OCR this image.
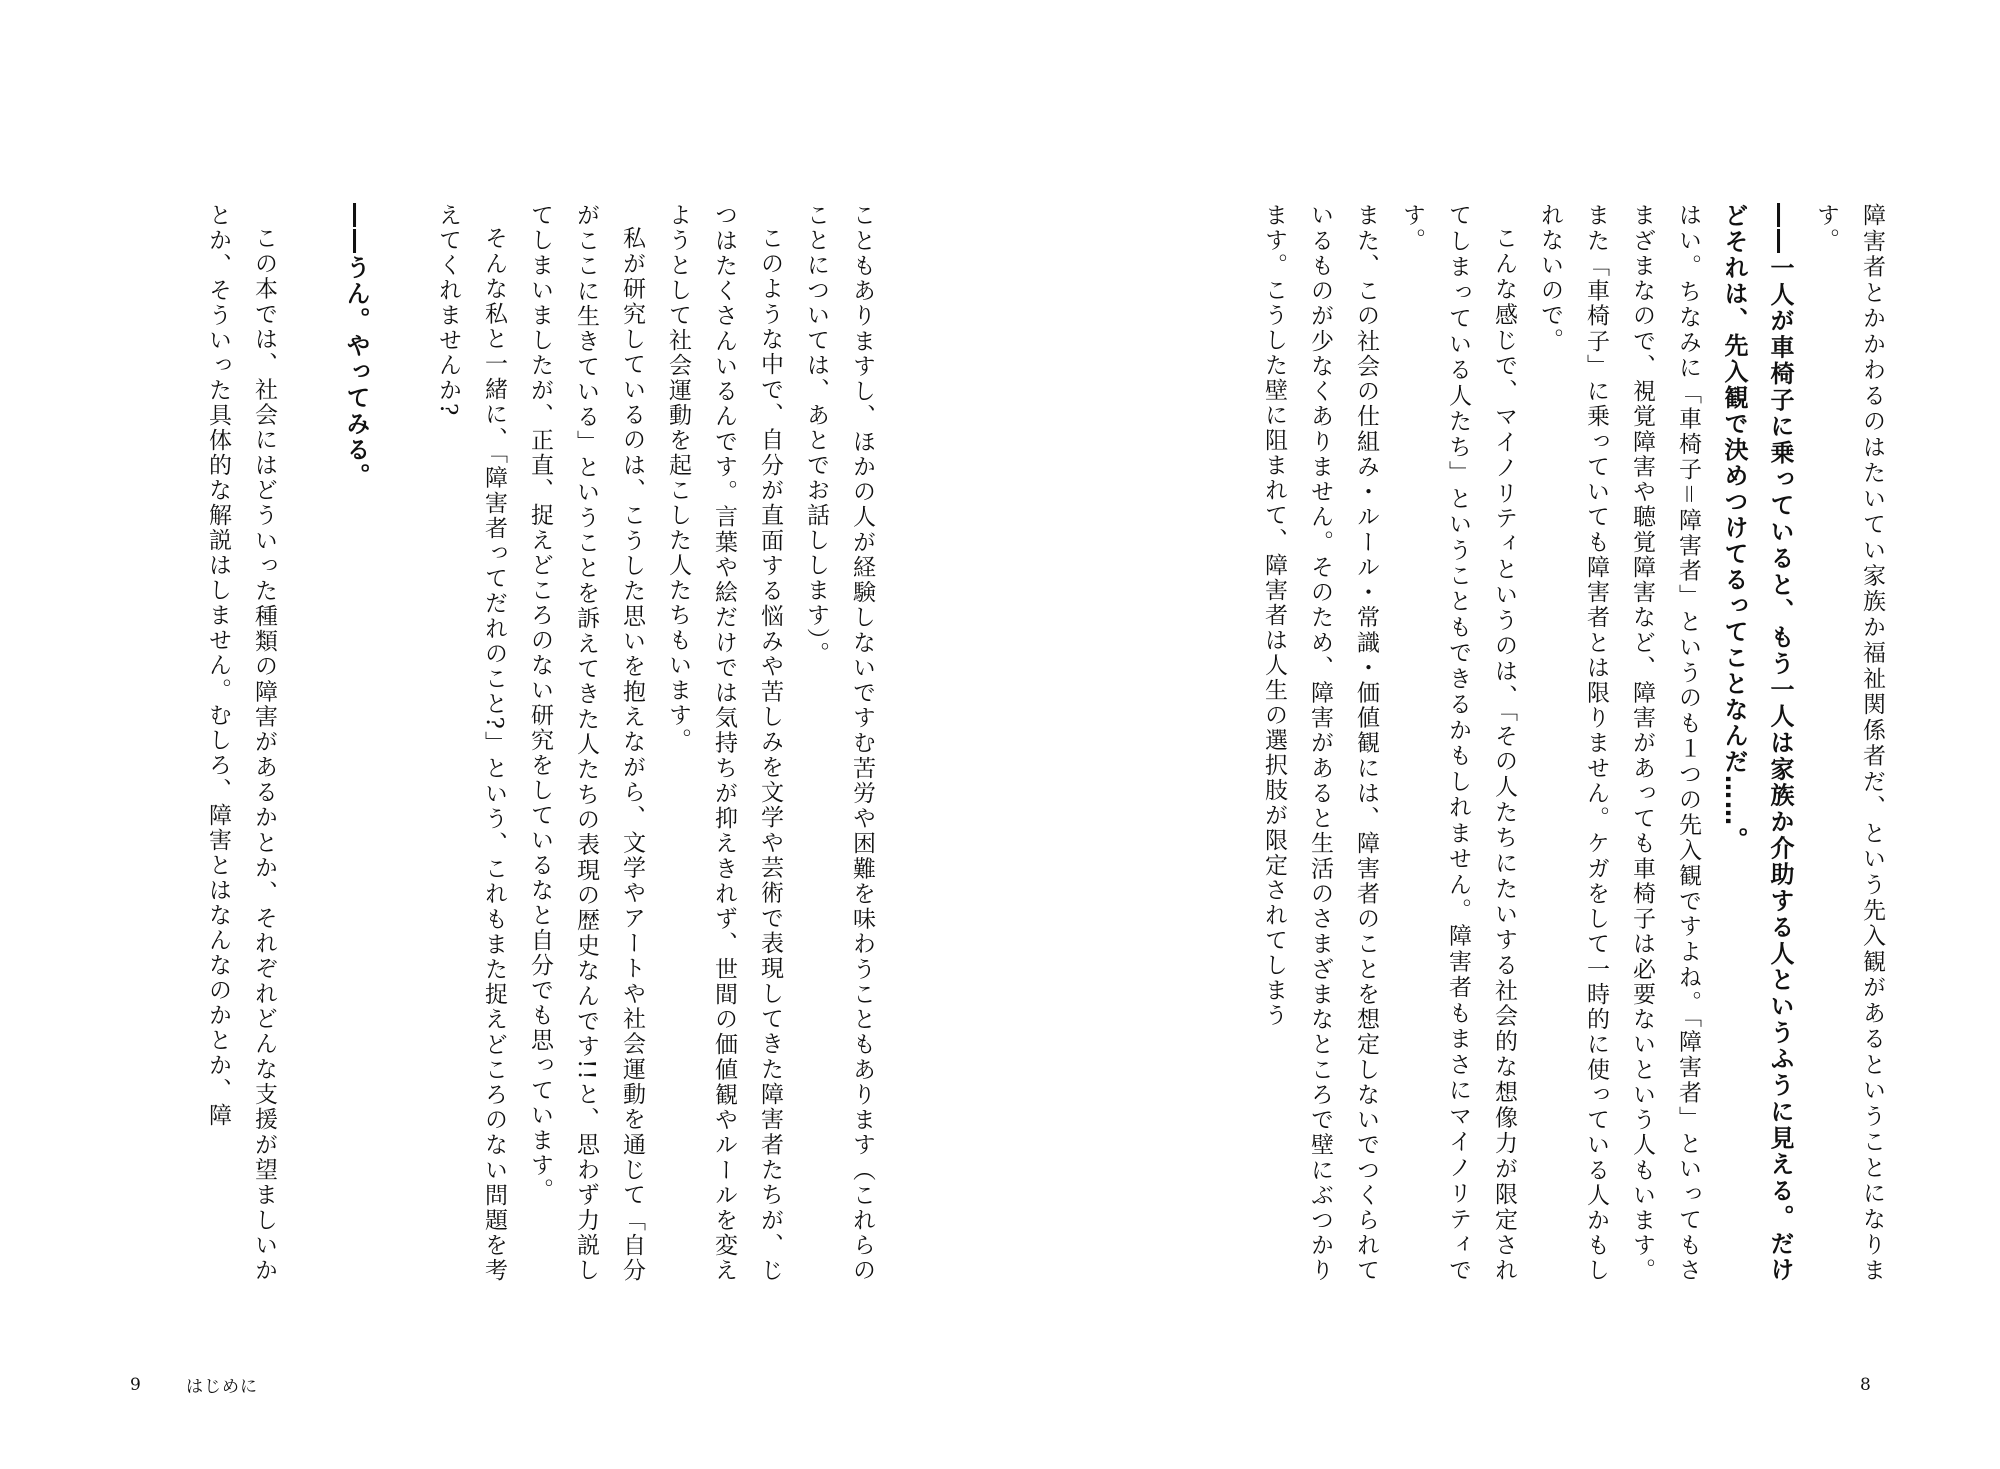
障害者とかかわるのはたいてい家族か福祉関係者だ、という先入観があるということになります。

――一人が車椅子に乗っていると、もう一人は家族か介助する人というふうに見える。だけどそれは、先入観で決めつけてるってことなんだ……。

はい。ちなみに「車椅子＝障害者」というのも１つの先入観ですよね。「障害者」といってもさまざまなので、視覚障害や聴覚障害など、障害があっても車椅子は必要ないという人もいます。また「車椅子」に乗っていても障害者とは限りません。ケガをして一時的に使っている人かもしれないので。

こんな感じで、マイノリティというのは、「その人たちにたいする社会的な想像力が限定されてしまっている人たち」ということもできるかもしれません。障害者もまさにマイノリティです。

また、この社会の仕組み・ルール・常識・価値観には、障害者のことを想定しないでつくられているものが少なくありません。そのため、障害があると生活のさまざまなところで壁にぶつかります。こうした壁に阻まれて、障害者は人生の選択肢が限定されてしまう

8

こともありますし、ほかの人が経験しないですむ苦労や困難を味わうこともあります（これらのことについては、あとでお話しします）。

このような中で、自分が直面する悩みや苦しみを文学や芸術で表現してきた障害者たちが、じつはたくさんいるんです。言葉や絵だけでは気持ちが抑えきれず、世間の価値観やルールを変えようとして社会運動を起こした人たちもいます。

私が研究しているのは、こうした思いを抱えながら、文学やアートや社会運動を通じて「自分がここに生きている」ということを訴えてきた人たちの表現の歴史なんです!!と、思わず力説してしまいましたが、正直、捉えどころのない研究をしているなと自分でも思っています。

そんな私と一緒に、「障害者ってだれのこと?」という、これもまた捉えどころのない問題を考えてくれませんか?

――うん。やってみる。

この本では、社会にはどういった種類の障害があるかとか、それぞれどんな支援が望ましいかとか、そういった具体的な解説はしません。むしろ、障害とはなんなのかとか、障

9	はじめに
